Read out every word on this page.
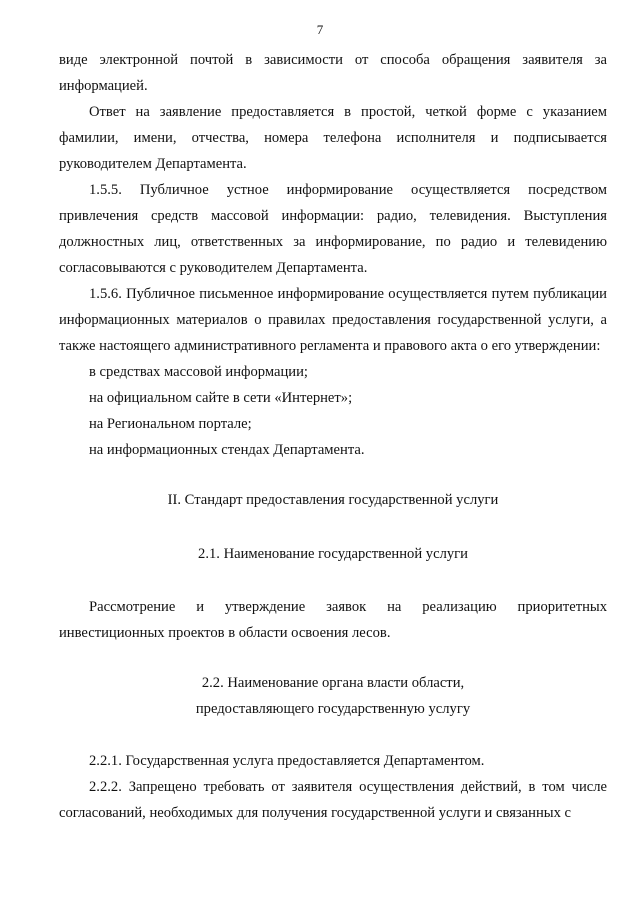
7

виде электронной почтой в зависимости от способа обращения заявителя за информацией.

Ответ на заявление предоставляется в простой, четкой форме с указанием фамилии, имени, отчества, номера телефона исполнителя и подписывается руководителем Департамента.

1.5.5. Публичное устное информирование осуществляется посредством привлечения средств массовой информации: радио, телевидения. Выступления должностных лиц, ответственных за информирование, по радио и телевидению согласовываются с руководителем Департамента.

1.5.6. Публичное письменное информирование осуществляется путем публикации информационных материалов о правилах предоставления государственной услуги, а также настоящего административного регламента и правового акта о его утверждении:

в средствах массовой информации;

на официальном сайте в сети «Интернет»;

на Региональном портале;

на информационных стендах Департамента.

II. Стандарт предоставления государственной услуги

2.1. Наименование государственной услуги

Рассмотрение и утверждение заявок на реализацию приоритетных инвестиционных проектов в области освоения лесов.

2.2. Наименование органа власти области,

предоставляющего государственную услугу

2.2.1. Государственная услуга предоставляется Департаментом.

2.2.2. Запрещено требовать от заявителя осуществления действий, в том числе согласований, необходимых для получения государственной услуги и связанных с
